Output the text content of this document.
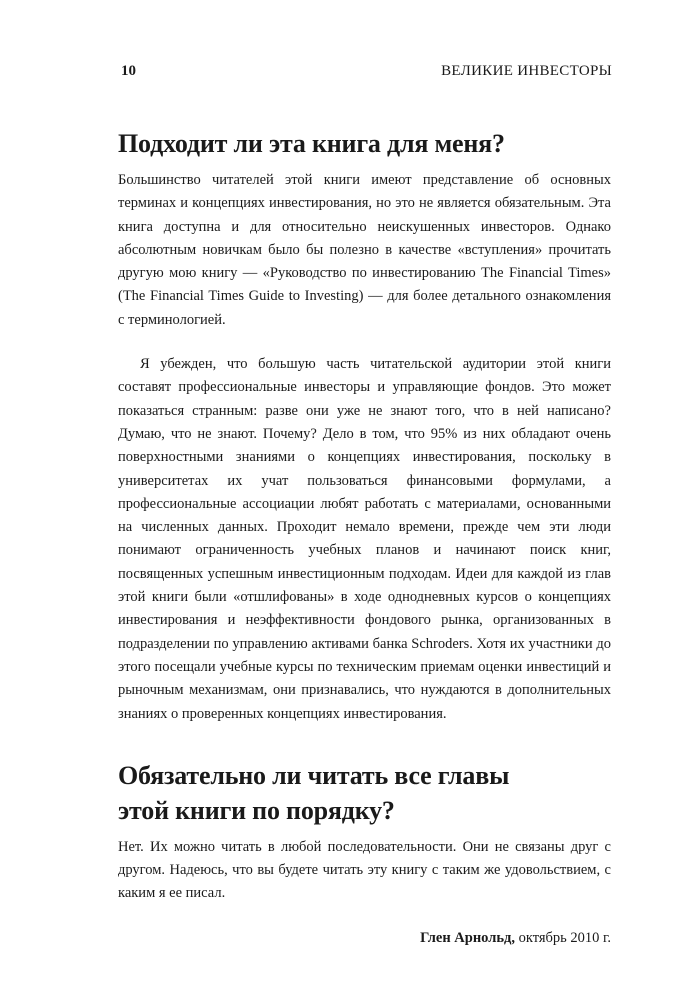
10	ВЕЛИКИЕ ИНВЕСТОРЫ
Подходит ли эта книга для меня?

Большинство читателей этой книги имеют представление об основных терминах и концепциях инвестирования, но это не является обязательным. Эта книга доступна и для относительно неискушенных инвесторов. Однако абсолютным новичкам было бы полезно в качестве «вступления» прочитать другую мою книгу — «Руководство по инвестированию The Financial Times» (The Financial Times Guide to Investing) — для более детального ознакомления с терминологией.

Я убежден, что большую часть читательской аудитории этой книги составят профессиональные инвесторы и управляющие фондов. Это может показаться странным: разве они уже не знают того, что в ней написано? Думаю, что не знают. Почему? Дело в том, что 95% из них обладают очень поверхностными знаниями о концепциях инвестирования, поскольку в университетах их учат пользоваться финансовыми формулами, а профессиональные ассоциации любят работать с материалами, основанными на численных данных. Проходит немало времени, прежде чем эти люди понимают ограниченность учебных планов и начинают поиск книг, посвященных успешным инвестиционным подходам. Идеи для каждой из глав этой книги были «отшлифованы» в ходе однодневных курсов о концепциях инвестирования и неэффективности фондового рынка, организованных в подразделении по управлению активами банка Schroders. Хотя их участники до этого посещали учебные курсы по техническим приемам оценки инвестиций и рыночным механизмам, они признавались, что нуждаются в дополнительных знаниях о проверенных концепциях инвестирования.

Обязательно ли читать все главы
этой книги по порядку?

Нет. Их можно читать в любой последовательности. Они не связаны друг с другом. Надеюсь, что вы будете читать эту книгу с таким же удовольствием, с каким я ее писал.

Глен Арнольд, октябрь 2010 г.
